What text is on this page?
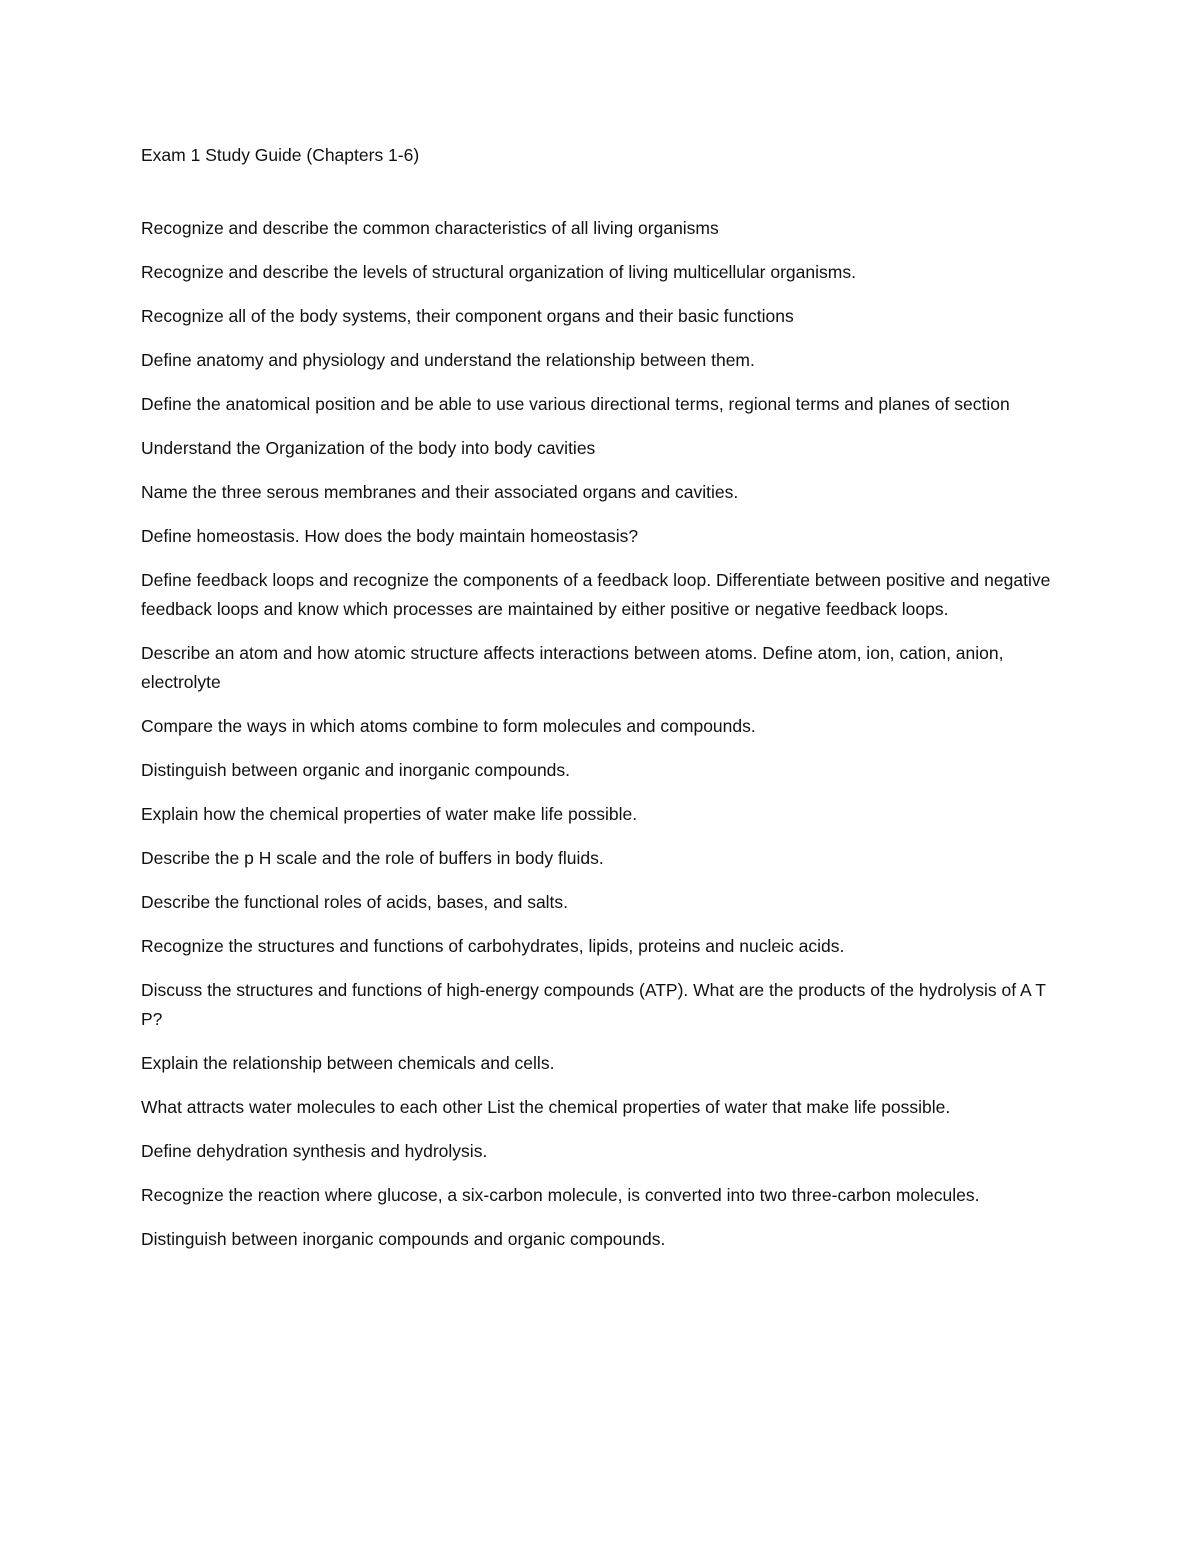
Exam 1 Study Guide (Chapters 1-6)

Recognize and describe the common characteristics of all living organisms

Recognize and describe the levels of structural organization of living multicellular organisms.

Recognize all of the body systems, their component organs and their basic functions

Define anatomy and physiology and understand the relationship between them.

Define the anatomical position and be able to use various directional terms, regional terms and planes of section

Understand the Organization of the body into body cavities

Name the three serous membranes and their associated organs and cavities.

Define homeostasis. How does the body maintain homeostasis?

Define feedback loops and recognize the components of a feedback loop. Differentiate between positive and negative feedback loops and know which processes are maintained by either positive or negative feedback loops.

Describe an atom and how atomic structure affects interactions between atoms. Define atom, ion, cation, anion, electrolyte

Compare the ways in which atoms combine to form molecules and compounds.

Distinguish between organic and inorganic compounds.

Explain how the chemical properties of water make life possible.

Describe the p H scale and the role of buffers in body fluids.

Describe the functional roles of acids, bases, and salts.

Recognize the structures and functions of carbohydrates, lipids, proteins and nucleic acids.

Discuss the structures and functions of high-energy compounds (ATP). What are the products of the hydrolysis of A T P?

Explain the relationship between chemicals and cells.

What attracts water molecules to each other List the chemical properties of water that make life possible.

Define dehydration synthesis and hydrolysis.

Recognize the reaction where glucose, a six-carbon molecule, is converted into two three-carbon molecules.

Distinguish between inorganic compounds and organic compounds.
